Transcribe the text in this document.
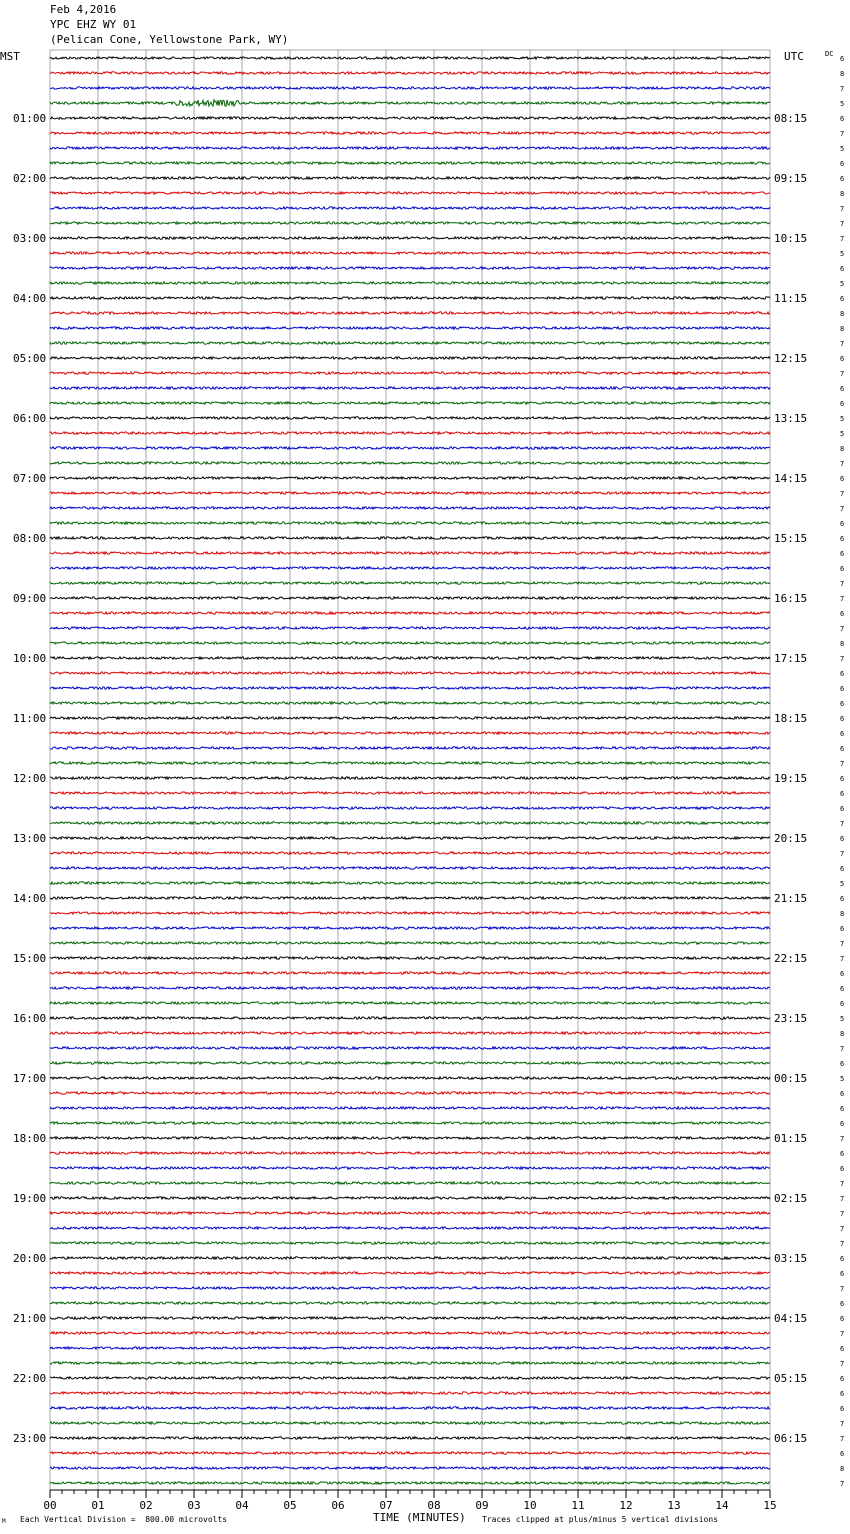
Feb 4,2016
YPC EHZ WY 01
(Pelican Cone, Yellowstone Park, WY)
MST	UTC	DC
01:00
02:00
03:00
04:00
05:00
06:00
07:00
08:00
09:00
10:00
11:00
12:00
13:00
14:00
15:00
16:00
17:00
18:00
19:00
20:00
21:00
22:00
23:00
08:15
09:15
10:15
11:15
12:15
13:15
14:15
15:15
16:15
17:15
18:15
19:15
20:15
21:15
22:15
23:15
00:15
01:15
02:15
03:15
04:15
05:15
06:15
6
8
7
5
6
7
5
6
6
8
7
7
7
5
6
5
6
8
8
7
6
7
6
6
5
5
8
7
6
7
7
6
6
6
6
7
7
6
7
8
7
6
6
6
6
6
6
7
6
6
6
7
6
7
6
5
6
8
6
7
7
6
6
6
5
8
7
6
5
6
6
6
7
6
6
7
7
7
7
7
6
6
7
6
6
7
6
7
6
6
6
7
7
6
8
7
00	01	02	03	04	05	06	07	08	09	10	11	12	13	14	15
Each Vertical Division =  800.00 microvolts	TIME (MINUTES) Traces clipped at plus/minus 5 vertical divisions
M
